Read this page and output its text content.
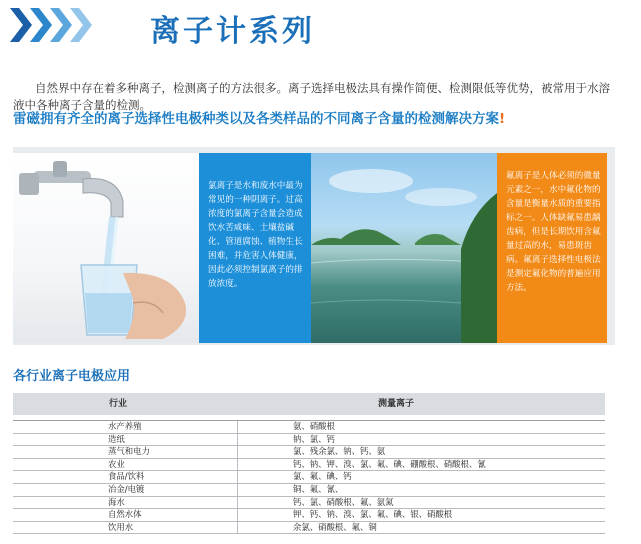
离子计系列

自然界中存在着多种离子，检测离子的方法很多。离子选择电极法具有操作简便、检测限低等优势，被常用于水溶液中各种离子含量的检测。

雷磁拥有齐全的离子选择性电极种类以及各类样品的不同离子含量的检测解决方案!
氯离子是水和废水中最为常见的一种阴离子。过高浓度的氯离子含量会造成饮水苦咸味、土壤盐碱化、管道腐蚀、植物生长困难，并危害人体健康，因此必须控制氯离子的排放浓度。
氟离子是人体必须的微量元素之一，水中氟化物的含量是衡量水质的重要指标之一。人体缺氟易患龋齿病，但是长期饮用含氟量过高的水，易患斑齿病。氟离子选择性电极法是测定氟化物的普遍应用方法。
各行业离子电极应用
行业	测量离子
水产养殖	氨、硝酸根
造纸	钠、氯、钙
蒸气和电力	氯、残余氯、钠、钙、氨
农业	钙、钠、钾、溴、氯、氟、碘、硼酸根、硝酸根、氰
食品/饮料	氯、氟、碘、钙
冶金/电镀	铜、氟、氰、
海水	钙、氯、硝酸根、氟、氨氮
自然水体	钾、钙、钠、溴、氯、氟、碘、银、硝酸根
饮用水	余氯、硝酸根、氟、铜
